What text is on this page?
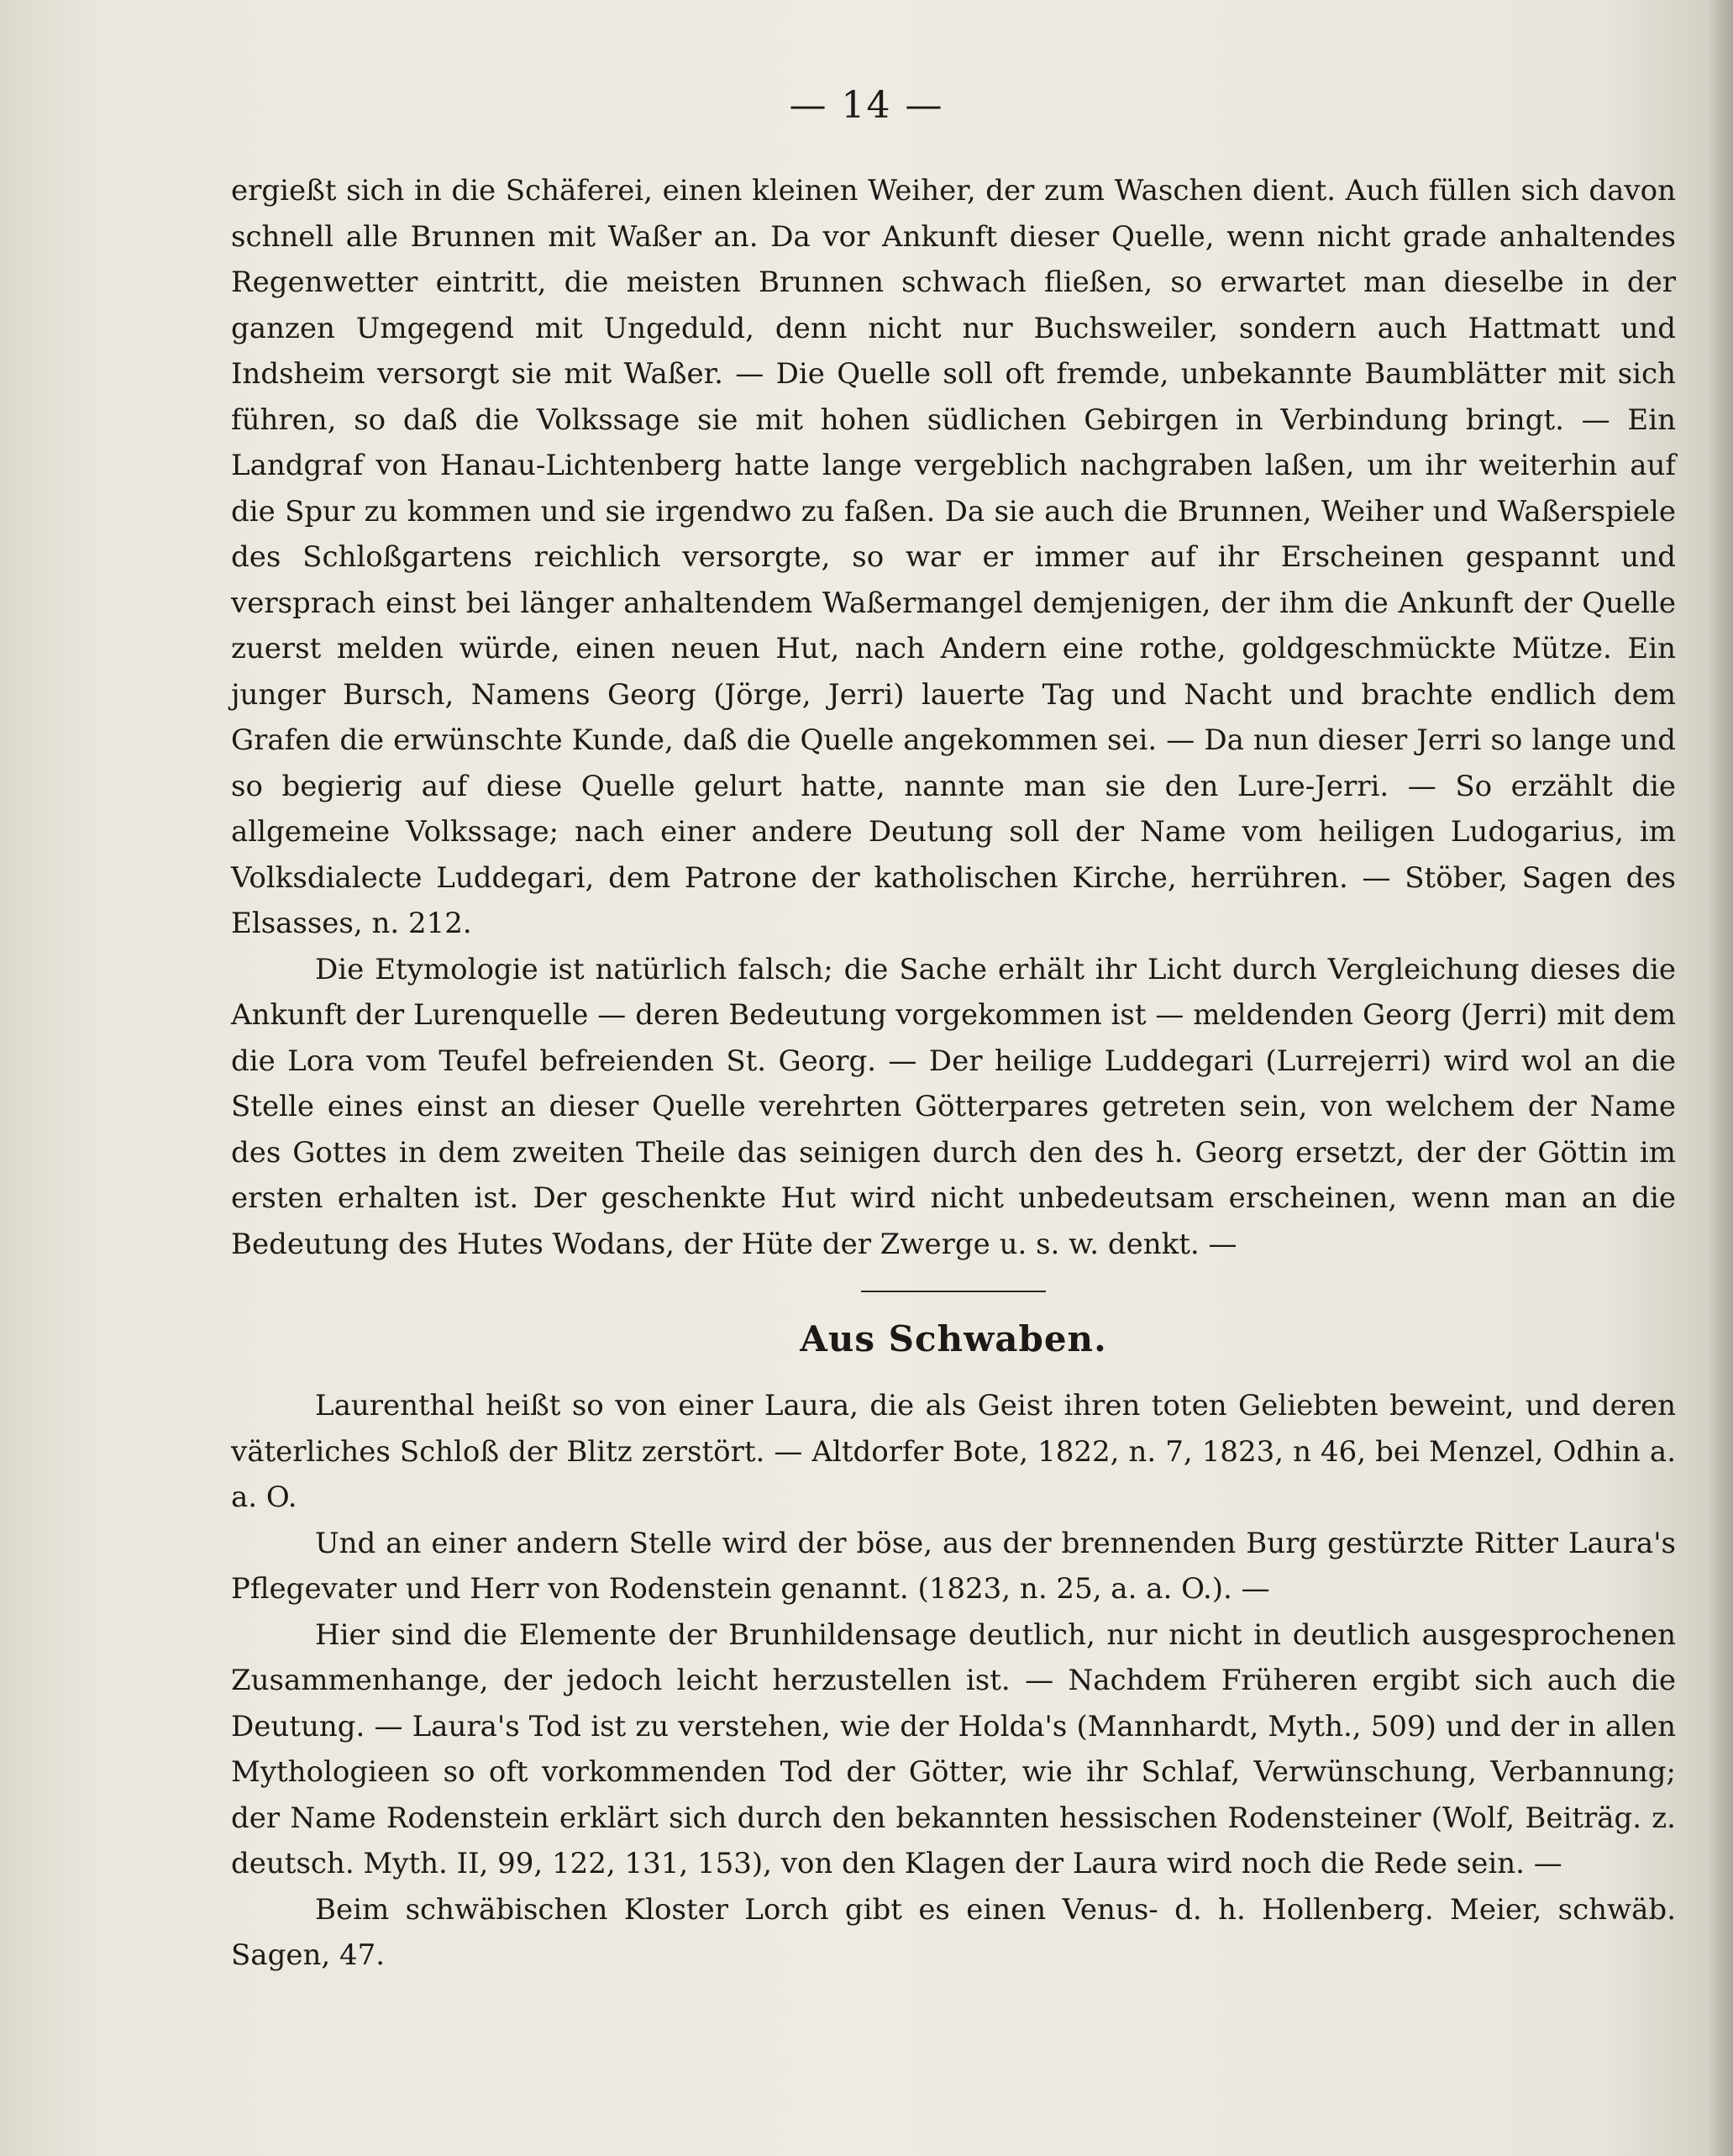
— 14 —

ergießt sich in die Schäferei, einen kleinen Weiher, der zum Waschen dient. Auch füllen sich davon schnell alle Brunnen mit Waßer an. Da vor Ankunft dieser Quelle, wenn nicht grade anhaltendes Regenwetter eintritt, die meisten Brunnen schwach fließen, so erwartet man dieselbe in der ganzen Umgegend mit Ungeduld, denn nicht nur Buchsweiler, sondern auch Hattmatt und Indsheim versorgt sie mit Waßer. — Die Quelle soll oft fremde, unbekannte Baumblätter mit sich führen, so daß die Volkssage sie mit hohen südlichen Gebirgen in Verbindung bringt. — Ein Landgraf von Hanau-Lichtenberg hatte lange vergeblich nachgraben laßen, um ihr weiterhin auf die Spur zu kommen und sie irgendwo zu faßen. Da sie auch die Brunnen, Weiher und Waßerspiele des Schloßgartens reichlich versorgte, so war er immer auf ihr Erscheinen gespannt und versprach einst bei länger anhaltendem Waßermangel demjenigen, der ihm die Ankunft der Quelle zuerst melden würde, einen neuen Hut, nach Andern eine rothe, goldgeschmückte Mütze. Ein junger Bursch, Namens Georg (Jörge, Jerri) lauerte Tag und Nacht und brachte endlich dem Grafen die erwünschte Kunde, daß die Quelle angekommen sei. — Da nun dieser Jerri so lange und so begierig auf diese Quelle gelurt hatte, nannte man sie den Lure-Jerri. — So erzählt die allgemeine Volkssage; nach einer andere Deutung soll der Name vom heiligen Ludogarius, im Volksdialecte Luddegari, dem Patrone der katholischen Kirche, herrühren. — Stöber, Sagen des Elsasses, n. 212.

Die Etymologie ist natürlich falsch; die Sache erhält ihr Licht durch Vergleichung dieses die Ankunft der Lurenquelle — deren Bedeutung vorgekommen ist — meldenden Georg (Jerri) mit dem die Lora vom Teufel befreienden St. Georg. — Der heilige Luddegari (Lurrejerri) wird wol an die Stelle eines einst an dieser Quelle verehrten Götterpares getreten sein, von welchem der Name des Gottes in dem zweiten Theile das seinigen durch den des h. Georg ersetzt, der der Göttin im ersten erhalten ist. Der geschenkte Hut wird nicht unbedeutsam erscheinen, wenn man an die Bedeutung des Hutes Wodans, der Hüte der Zwerge u. s. w. denkt. —

Aus Schwaben.

Laurenthal heißt so von einer Laura, die als Geist ihren toten Geliebten beweint, und deren väterliches Schloß der Blitz zerstört. — Altdorfer Bote, 1822, n. 7, 1823, n 46, bei Menzel, Odhin a. a. O.

Und an einer andern Stelle wird der böse, aus der brennenden Burg gestürzte Ritter Laura's Pflegevater und Herr von Rodenstein genannt. (1823, n. 25, a. a. O.). —

Hier sind die Elemente der Brunhildensage deutlich, nur nicht in deutlich ausgesprochenen Zusammenhange, der jedoch leicht herzustellen ist. — Nachdem Früheren ergibt sich auch die Deutung. — Laura's Tod ist zu verstehen, wie der Holda's (Mannhardt, Myth., 509) und der in allen Mythologieen so oft vorkommenden Tod der Götter, wie ihr Schlaf, Verwünschung, Verbannung; der Name Rodenstein erklärt sich durch den bekannten hessischen Rodensteiner (Wolf, Beiträg. z. deutsch. Myth. II, 99, 122, 131, 153), von den Klagen der Laura wird noch die Rede sein. —

Beim schwäbischen Kloster Lorch gibt es einen Venus- d. h. Hollenberg. Meier, schwäb. Sagen, 47.
